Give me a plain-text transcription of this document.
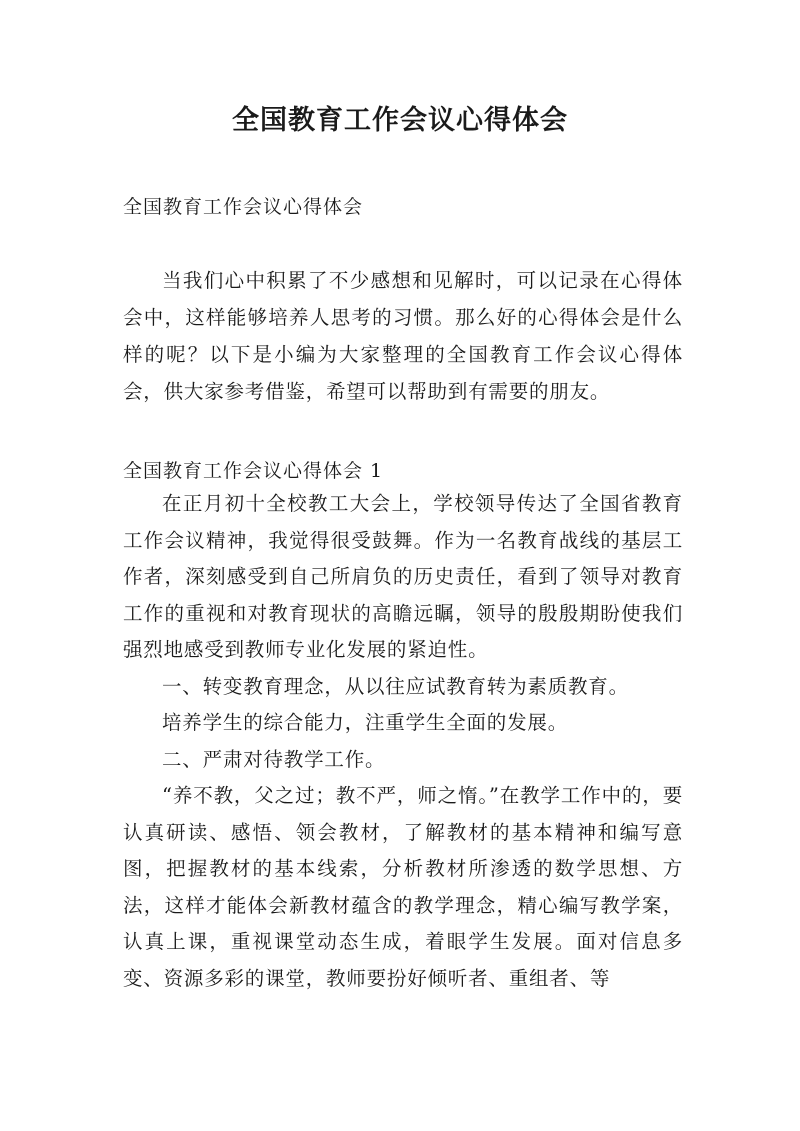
全国教育工作会议心得体会

全国教育工作会议心得体会

当我们心中积累了不少感想和见解时，可以记录在心得体会中，这样能够培养人思考的习惯。那么好的心得体会是什么样的呢？以下是小编为大家整理的全国教育工作会议心得体会，供大家参考借鉴，希望可以帮助到有需要的朋友。

全国教育工作会议心得体会 1

在正月初十全校教工大会上，学校领导传达了全国省教育工作会议精神，我觉得很受鼓舞。作为一名教育战线的基层工作者，深刻感受到自己所肩负的历史责任，看到了领导对教育工作的重视和对教育现状的高瞻远瞩，领导的殷殷期盼使我们强烈地感受到教师专业化发展的紧迫性。

一、转变教育理念，从以往应试教育转为素质教育。

培养学生的综合能力，注重学生全面的发展。

二、严肃对待教学工作。

“养不教，父之过；教不严，师之惰。”在教学工作中的，要认真研读、感悟、领会教材，了解教材的基本精神和编写意图，把握教材的基本线索，分析教材所渗透的数学思想、方法，这样才能体会新教材蕴含的教学理念，精心编写教学案，认真上课，重视课堂动态生成，着眼学生发展。面对信息多变、资源多彩的课堂，教师要扮好倾听者、重组者、等
